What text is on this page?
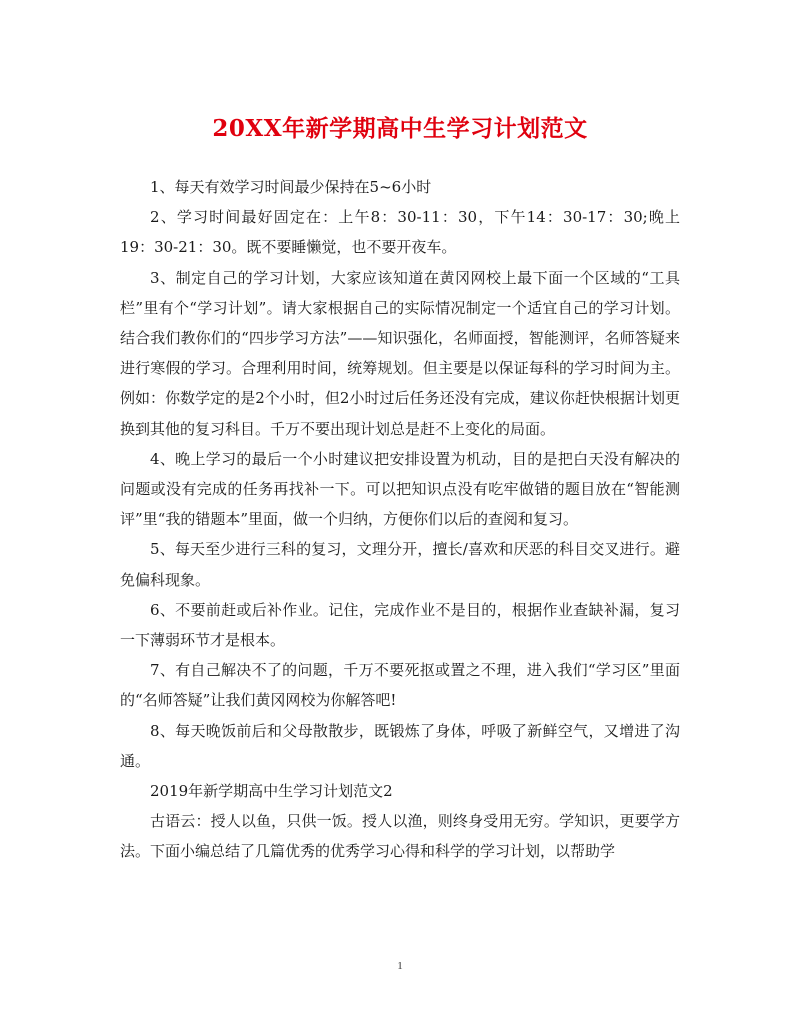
20XX年新学期高中生学习计划范文

1、每天有效学习时间最少保持在5~6小时

2、学习时间最好固定在：上午8：30-11：30，下午14：30-17：30;晚上19：30-21：30。既不要睡懒觉，也不要开夜车。

3、制定自己的学习计划，大家应该知道在黄冈网校上最下面一个区域的“工具栏”里有个“学习计划”。请大家根据自己的实际情况制定一个适宜自己的学习计划。结合我们教你们的“四步学习方法”——知识强化，名师面授，智能测评，名师答疑来进行寒假的学习。合理利用时间，统筹规划。但主要是以保证每科的学习时间为主。例如：你数学定的是2个小时，但2小时过后任务还没有完成，建议你赶快根据计划更换到其他的复习科目。千万不要出现计划总是赶不上变化的局面。

4、晚上学习的最后一个小时建议把安排设置为机动，目的是把白天没有解决的问题或没有完成的任务再找补一下。可以把知识点没有吃牢做错的题目放在“智能测评”里“我的错题本”里面，做一个归纳，方便你们以后的查阅和复习。

5、每天至少进行三科的复习，文理分开，擅长/喜欢和厌恶的科目交叉进行。避免偏科现象。

6、不要前赶或后补作业。记住，完成作业不是目的，根据作业查缺补漏，复习一下薄弱环节才是根本。

7、有自己解决不了的问题，千万不要死抠或置之不理，进入我们“学习区”里面的“名师答疑”让我们黄冈网校为你解答吧!

8、每天晚饭前后和父母散散步，既锻炼了身体，呼吸了新鲜空气，又增进了沟通。

2019年新学期高中生学习计划范文2

古语云：授人以鱼，只供一饭。授人以渔，则终身受用无穷。学知识，更要学方法。下面小编总结了几篇优秀的优秀学习心得和科学的学习计划，以帮助学

1
